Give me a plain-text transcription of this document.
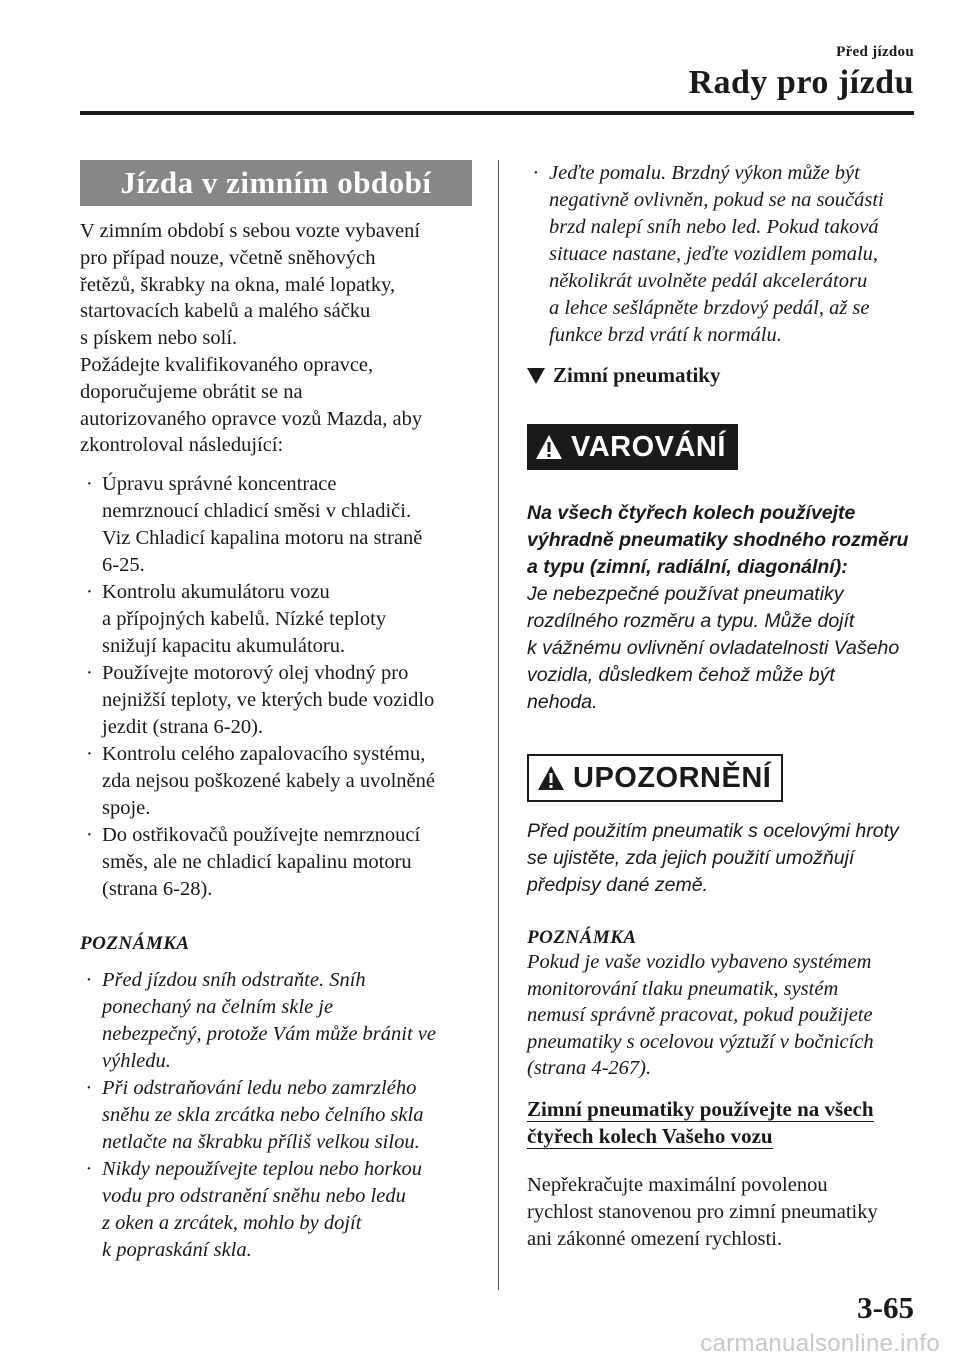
Před jízdou
Rady pro jízdu
Jízda v zimním období
V zimním období s sebou vozte vybavení
pro případ nouze, včetně sněhových
řetězů, škrabky na okna, malé lopatky,
startovacích kabelů a malého sáčku
s pískem nebo solí.
Požádejte kvalifikovaného opravce,
doporučujeme obrátit se na
autorizovaného opravce vozů Mazda, aby
zkontroloval následující:
· Úpravu správné koncentrace
nemrznoucí chladicí směsi v chladiči.
Viz Chladicí kapalina motoru na straně
6-25.
· Kontrolu akumulátoru vozu
a přípojných kabelů. Nízké teploty
snižují kapacitu akumulátoru.
· Používejte motorový olej vhodný pro
nejnižší teploty, ve kterých bude vozidlo
jezdit (strana 6-20).
· Kontrolu celého zapalovacího systému,
zda nejsou poškozené kabely a uvolněné
spoje.
· Do ostřikovačů používejte nemrznoucí
směs, ale ne chladicí kapalinu motoru
(strana 6-28).
POZNÁMKA
· Před jízdou sníh odstraňte. Sníh
ponechaný na čelním skle je
nebezpečný, protože Vám může bránit ve
výhledu.
· Při odstraňování ledu nebo zamrzlého
sněhu ze skla zrcátka nebo čelního skla
netlačte na škrabku příliš velkou silou.
· Nikdy nepoužívejte teplou nebo horkou
vodu pro odstranění sněhu nebo ledu
z oken a zrcátek, mohlo by dojít
k popraskání skla.
· Jeďte pomalu. Brzdný výkon může být
negativně ovlivněn, pokud se na součásti
brzd nalepí sníh nebo led. Pokud taková
situace nastane, jeďte vozidlem pomalu,
několikrát uvolněte pedál akcelerátoru
a lehce sešlápněte brzdový pedál, až se
funkce brzd vrátí k normálu.
Zimní pneumatiky
VAROVÁNÍ
Na všech čtyřech kolech používejte
výhradně pneumatiky shodného rozměru
a typu (zimní, radiální, diagonální):
Je nebezpečné používat pneumatiky
rozdílného rozměru a typu. Může dojít
k vážnému ovlivnění ovladatelnosti Vašeho
vozidla, důsledkem čehož může být
nehoda.
UPOZORNĚNÍ
Před použitím pneumatik s ocelovými hroty
se ujistěte, zda jejich použití umožňují
předpisy dané země.
POZNÁMKA
Pokud je vaše vozidlo vybaveno systémem
monitorování tlaku pneumatik, systém
nemusí správně pracovat, pokud použijete
pneumatiky s ocelovou výztuží v bočnicích
(strana 4-267).
Zimní pneumatiky používejte na všech
čtyřech kolech Vašeho vozu
Nepřekračujte maximální povolenou
rychlost stanovenou pro zimní pneumatiky
ani zákonné omezení rychlosti.
3-65
carmanualsonline.info
